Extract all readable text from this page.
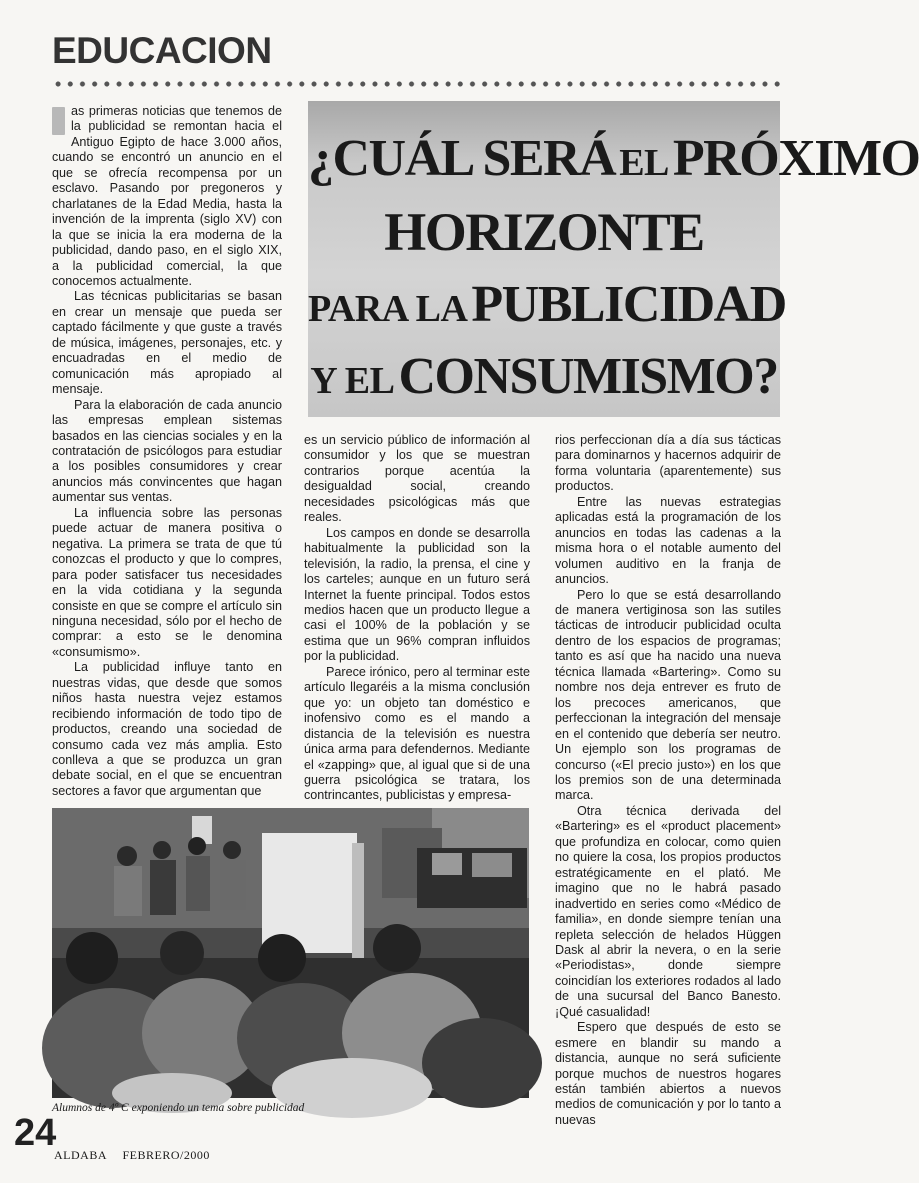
EDUCACION
¿CUÁL SERÁ EL PRÓXIMO
HORIZONTE
PARA LA PUBLICIDAD
Y EL CONSUMISMO?

as primeras noticias que tenemos de la publicidad se remontan hacia el Antiguo Egipto de hace 3.000 años, cuando se encontró un anuncio en el que se ofrecía recompensa por un esclavo. Pasando por pregoneros y charlatanes de la Edad Media, hasta la invención de la imprenta (siglo XV) con la que se inicia la era moderna de la publicidad, dando paso, en el siglo XIX, a la publicidad comercial, la que conocemos actualmente.

Las técnicas publicitarias se basan en crear un mensaje que pueda ser captado fácilmente y que guste a través de música, imágenes, personajes, etc. y encuadradas en el medio de comunicación más apropiado al mensaje.

Para la elaboración de cada anuncio las empresas emplean sistemas basados en las ciencias sociales y en la contratación de psicólogos para estudiar a los posibles consumidores y crear anuncios más convincentes que hagan aumentar sus ventas.

La influencia sobre las personas puede actuar de manera positiva o negativa. La primera se trata de que tú conozcas el producto y que lo compres, para poder satisfacer tus necesidades en la vida cotidiana y la segunda consiste en que se compre el artículo sin ninguna necesidad, sólo por el hecho de comprar: a esto se le denomina «consumismo».

La publicidad influye tanto en nuestras vidas, que desde que somos niños hasta nuestra vejez estamos recibiendo información de todo tipo de productos, creando una sociedad de consumo cada vez más amplia. Esto conlleva a que se produzca un gran debate social, en el que se encuentran sectores a favor que argumentan que

es un servicio público de información al consumidor y los que se muestran contrarios porque acentúa la desigualdad social, creando necesidades psicológicas más que reales.

Los campos en donde se desarrolla habitualmente la publicidad son la televisión, la radio, la prensa, el cine y los carteles; aunque en un futuro será Internet la fuente principal. Todos estos medios hacen que un producto llegue a casi el 100% de la población y se estima que un 96% compran influidos por la publicidad.

Parece irónico, pero al terminar este artículo llegaréis a la misma conclusión que yo: un objeto tan doméstico e inofensivo como es el mando a distancia de la televisión es nuestra única arma para defendernos. Mediante el «zapping» que, al igual que si de una guerra psicológica se tratara, los contrincantes, publicistas y empresa-

rios perfeccionan día a día sus tácticas para dominarnos y hacernos adquirir de forma voluntaria (aparentemente) sus productos.

Entre las nuevas estrategias aplicadas está la programación de los anuncios en todas las cadenas a la misma hora o el notable aumento del volumen auditivo en la franja de anuncios.

Pero lo que se está desarrollando de manera vertiginosa son las sutiles tácticas de introducir publicidad oculta dentro de los espacios de programas; tanto es así que ha nacido una nueva técnica llamada «Bartering». Como su nombre nos deja entrever es fruto de los precoces americanos, que perfeccionan la integración del mensaje en el contenido que debería ser neutro. Un ejemplo son los programas de concurso («El precio justo») en los que los premios son de una determinada marca.

Otra técnica derivada del «Bartering» es el «product placement» que profundiza en colocar, como quien no quiere la cosa, los propios productos estratégicamente en el plató. Me imagino que no le habrá pasado inadvertido en series como «Médico de familia», en donde siempre tenían una repleta selección de helados Hüggen Dask al abrir la nevera, o en la serie «Periodistas», donde siempre coincidían los exteriores rodados al lado de una sucursal del Banco Banesto. ¡Qué casualidad!

Espero que después de esto se esmere en blandir su mando a distancia, aunque no será suficiente porque muchos de nuestros hogares están también abiertos a nuevos medios de comunicación y por lo tanto a nuevas

Alumnos de 4º C exponiendo un tema sobre publicidad
24
ALDABA FEBRERO/2000
